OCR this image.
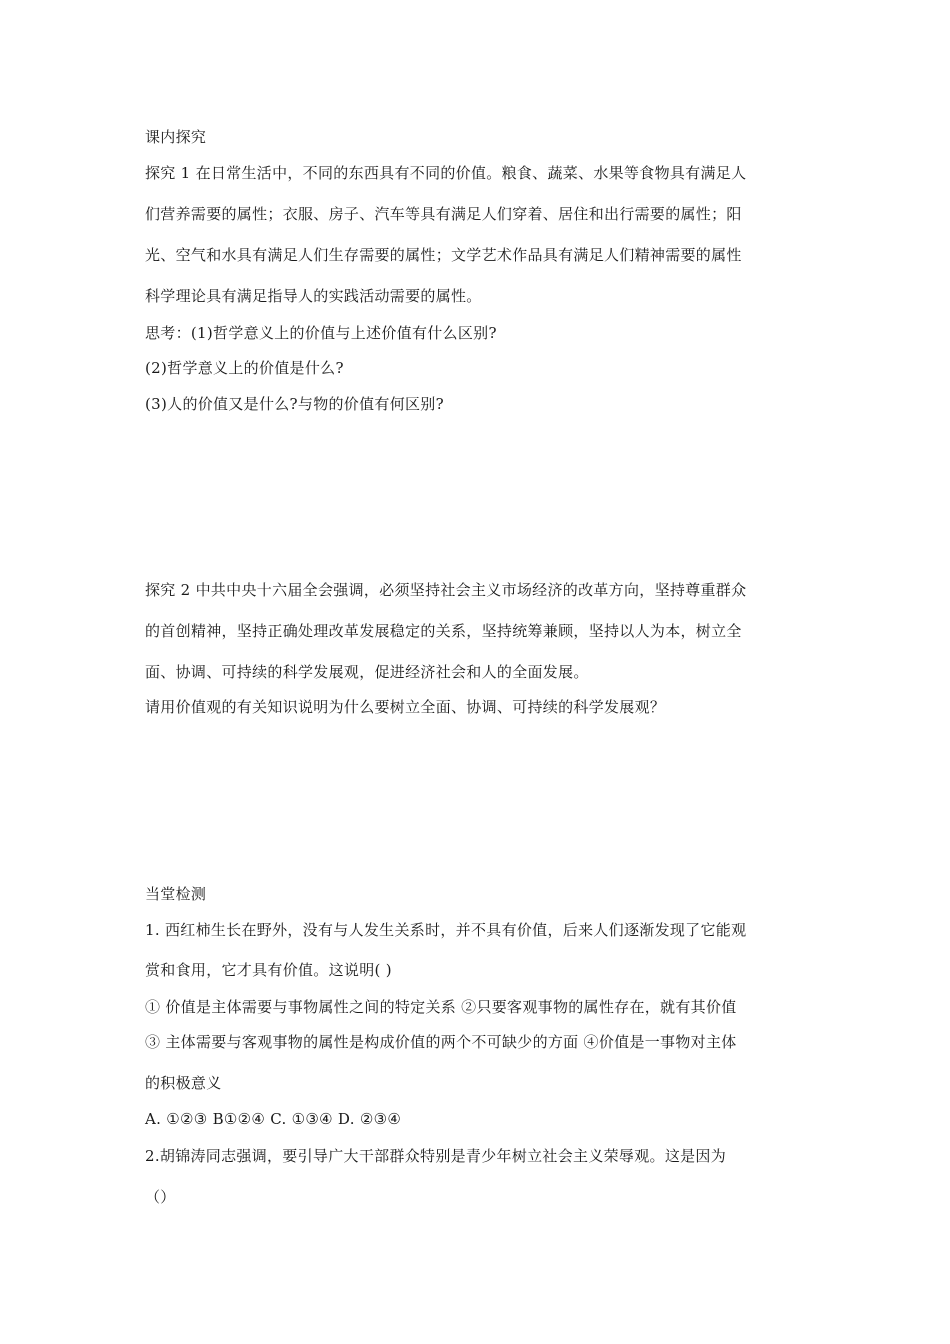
课内探究
探究 1 在日常生活中，不同的东西具有不同的价值。粮食、蔬菜、水果等食物具有满足人
们营养需要的属性；衣服、房子、汽车等具有满足人们穿着、居住和出行需要的属性；阳
光、空气和水具有满足人们生存需要的属性；文学艺术作品具有满足人们精神需要的属性
科学理论具有满足指导人的实践活动需要的属性。
思考：(1)哲学意义上的价值与上述价值有什么区别?
(2)哲学意义上的价值是什么?
(3)人的价值又是什么?与物的价值有何区别?
探究 2 中共中央十六届全会强调，必须坚持社会主义市场经济的改革方向，坚持尊重群众
的首创精神，坚持正确处理改革发展稳定的关系，坚持统筹兼顾，坚持以人为本，树立全
面、协调、可持续的科学发展观，促进经济社会和人的全面发展。
请用价值观的有关知识说明为什么要树立全面、协调、可持续的科学发展观？
当堂检测
1. 西红柿生长在野外，没有与人发生关系时，并不具有价值，后来人们逐渐发现了它能观
赏和食用，它才具有价值。这说明( )
① 价值是主体需要与事物属性之间的特定关系 ②只要客观事物的属性存在，就有其价值
③ 主体需要与客观事物的属性是构成价值的两个不可缺少的方面 ④价值是一事物对主体
的积极意义
A. ①②③ B①②④ C. ①③④ D. ②③④
2.胡锦涛同志强调，要引导广大干部群众特别是青少年树立社会主义荣辱观。这是因为
（）
